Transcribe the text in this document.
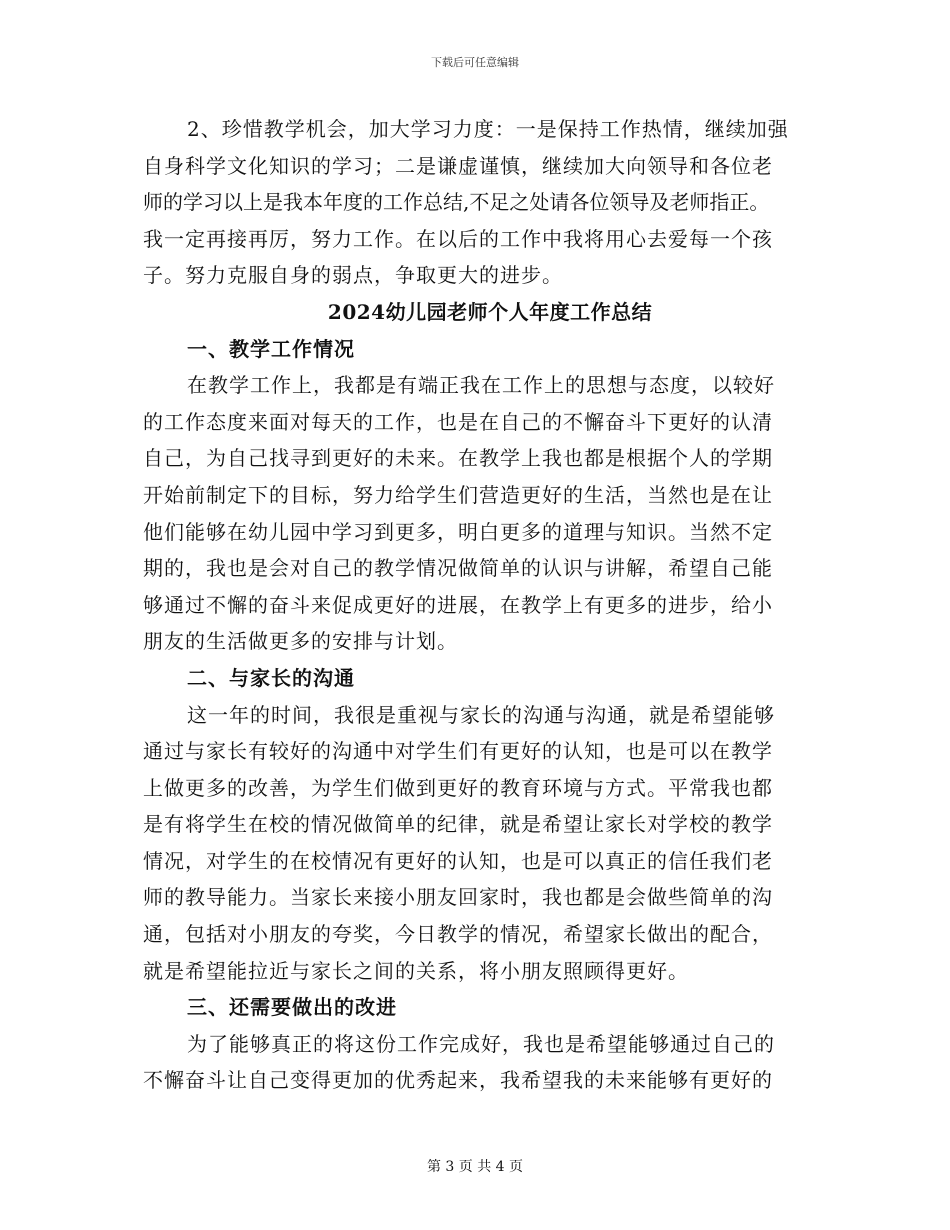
下载后可任意编辑
2、珍惜教学机会，加大学习力度：一是保持工作热情，继续加强
自身科学文化知识的学习；二是谦虚谨慎，继续加大向领导和各位老
师的学习以上是我本年度的工作总结,不足之处请各位领导及老师指正。
我一定再接再厉，努力工作。在以后的工作中我将用心去爱每一个孩
子。努力克服自身的弱点，争取更大的进步。
2024幼儿园老师个人年度工作总结
一、教学工作情况
在教学工作上，我都是有端正我在工作上的思想与态度，以较好
的工作态度来面对每天的工作，也是在自己的不懈奋斗下更好的认清
自己，为自己找寻到更好的未来。在教学上我也都是根据个人的学期
开始前制定下的目标，努力给学生们营造更好的生活，当然也是在让
他们能够在幼儿园中学习到更多，明白更多的道理与知识。当然不定
期的，我也是会对自己的教学情况做简单的认识与讲解，希望自己能
够通过不懈的奋斗来促成更好的进展，在教学上有更多的进步，给小
朋友的生活做更多的安排与计划。
二、与家长的沟通
这一年的时间，我很是重视与家长的沟通与沟通，就是希望能够
通过与家长有较好的沟通中对学生们有更好的认知，也是可以在教学
上做更多的改善，为学生们做到更好的教育环境与方式。平常我也都
是有将学生在校的情况做简单的纪律，就是希望让家长对学校的教学
情况，对学生的在校情况有更好的认知，也是可以真正的信任我们老
师的教导能力。当家长来接小朋友回家时，我也都是会做些简单的沟
通，包括对小朋友的夸奖，今日教学的情况，希望家长做出的配合，
就是希望能拉近与家长之间的关系，将小朋友照顾得更好。
三、还需要做出的改进
为了能够真正的将这份工作完成好，我也是希望能够通过自己的
不懈奋斗让自己变得更加的优秀起来，我希望我的未来能够有更好的
第 3 页 共 4 页
